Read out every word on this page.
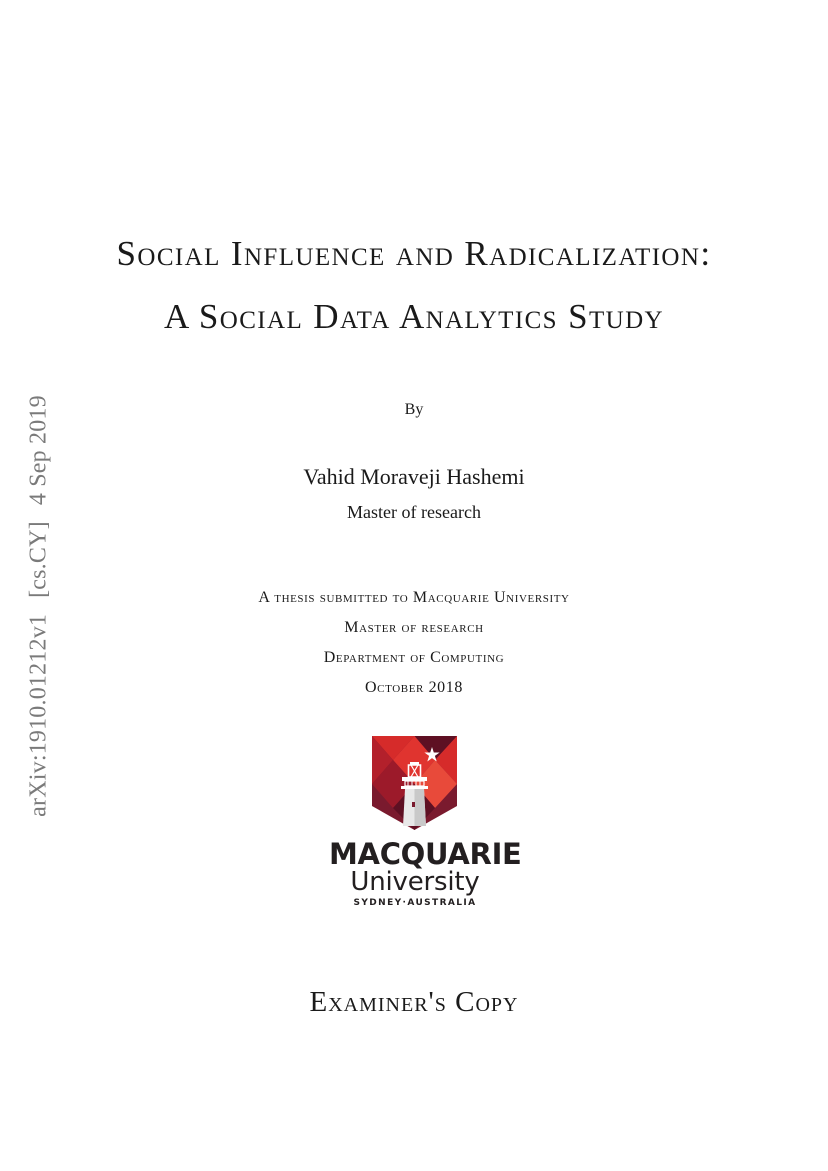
arXiv:1910.01212v1[cs.CY]4 Sep 2019
Social Influence and Radicalization:
A Social Data Analytics Study
By
Vahid Moraveji Hashemi
Master of research
A thesis submitted to Macquarie University
Master of research
Department of Computing
October 2018
MACQUARIE
University
SYDNEY·AUSTRALIA
Examiner's Copy
